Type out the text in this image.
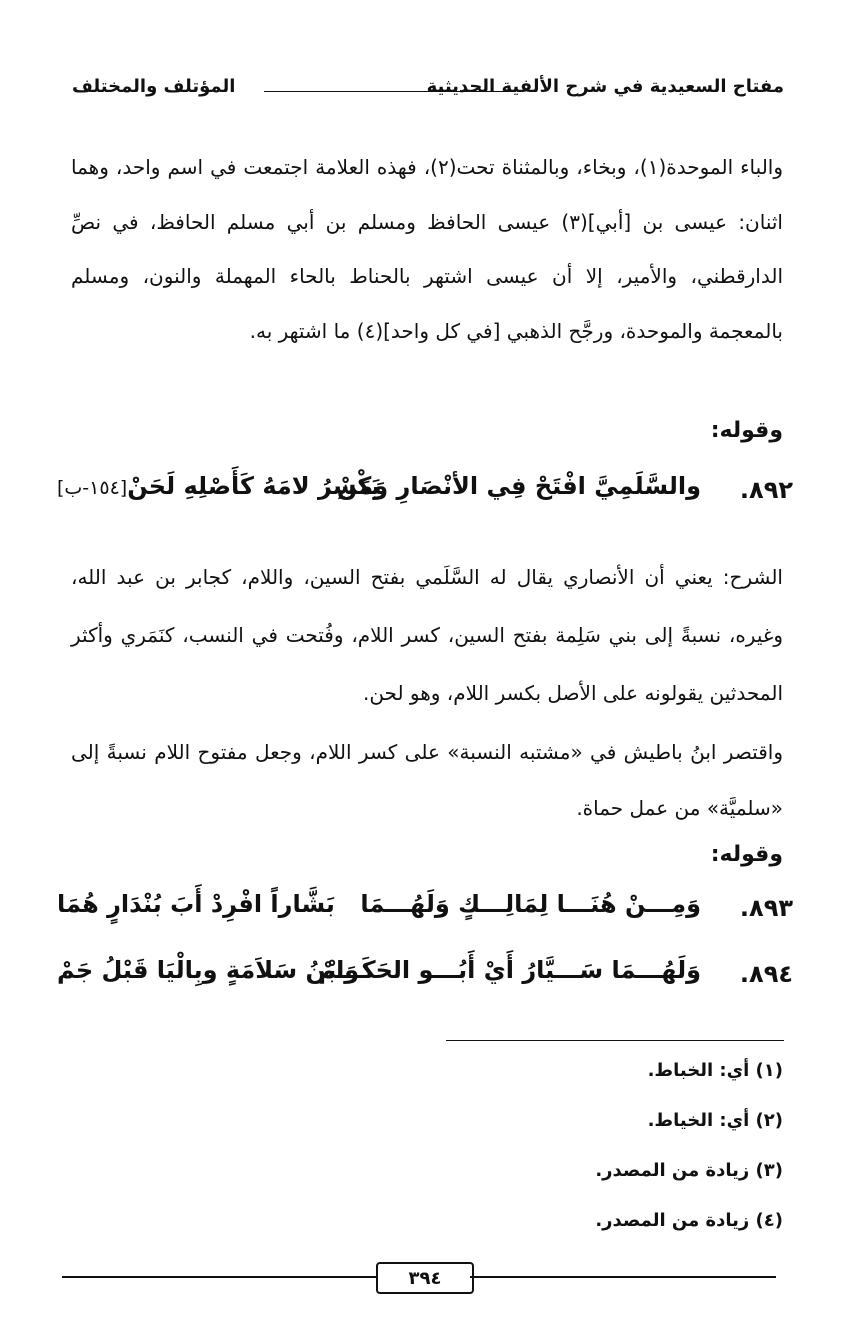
مفتاح السعيدية في شرح الألفية الحديثية
المؤتلف والمختلف
والباء الموحدة(١)، وبخاء، وبالمثناة تحت(٢)، فهذه العلامة اجتمعت في اسم واحد، وهما اثنان: عيسى بن [أبي](٣) عيسى الحافظ ومسلم بن أبي مسلم الحافظ، في نصِّ الدارقطني، والأمير، إلا أن عيسى اشتهر بالحناط بالحاء المهملة والنون، ومسلم بالمعجمة والموحدة، ورجَّح الذهبي [في كل واحد](٤) ما اشتهر به.
وقوله:
٨٩٢.
والسَّلَمِيَّ افْتَحْ فِي الأنْصَارِ وَمَنْ
يَكْسِرُ لامَهُ كَأَصْلِهِ لَحَنْ[١٥٤-ب]
الشرح: يعني أن الأنصاري يقال له السَّلَمي بفتح السين، واللام، كجابر بن عبد الله، وغيره، نسبةً إلى بني سَلِمة بفتح السين، كسر اللام، وفُتحت في النسب، كنَمَري وأكثر المحدثين يقولونه على الأصل بكسر اللام، وهو لحن.
واقتصر ابنُ باطيش في «مشتبه النسبة» على كسر اللام، وجعل مفتوح اللام نسبةً إلى «سلميَّة» من عمل حماة.
وقوله:
٨٩٣.
وَمِـــنْ هُنَـــا لِمَالِـــكٍ وَلَهُـــمَا
بَشَّاراً افْرِدْ أَبَ بُنْدَارٍ هُمَا
٨٩٤.
وَلَهُـــمَا سَـــيَّارُ أَيْ أَبُـــو الحَكَـــمْ
وَابْنُ سَلاَمَةٍ وبِالْيَا قَبْلُ جَمْ
(١) أي: الخباط.
(٢) أي: الخياط.
(٣) زيادة من المصدر.
(٤) زيادة من المصدر.
٣٩٤
